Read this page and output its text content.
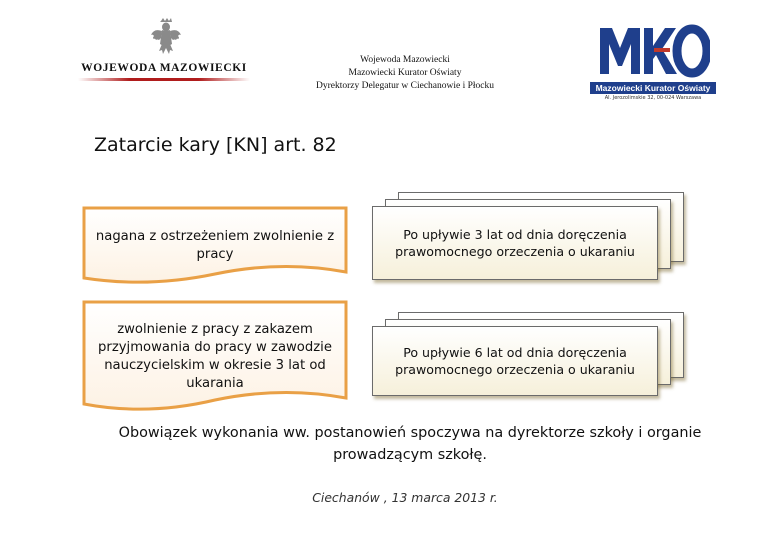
WOJEWODA MAZOWIECKI
Wojewoda Mazowiecki
Mazowiecki Kurator Oświaty
Dyrektorzy Delegatur w Ciechanowie i Płocku	Mazowiecki Kurator Oświaty
Al. Jerozolimskie 32, 00-024 Warszawa
Zatarcie kary [KN] art. 82
nagana z ostrzeżeniem zwolnienie z pracy
zwolnienie z pracy z zakazem przyjmowania do pracy w zawodzie nauczycielskim w okresie 3 lat od ukarania
Po upływie 3 lat od dnia doręczenia prawomocnego orzeczenia o ukaraniu
Po upływie 6 lat od dnia doręczenia prawomocnego orzeczenia o ukaraniu
Obowiązek wykonania ww. postanowień spoczywa na dyrektorze szkoły i organie prowadzącym szkołę.
Ciechanów , 13 marca 2013 r.
